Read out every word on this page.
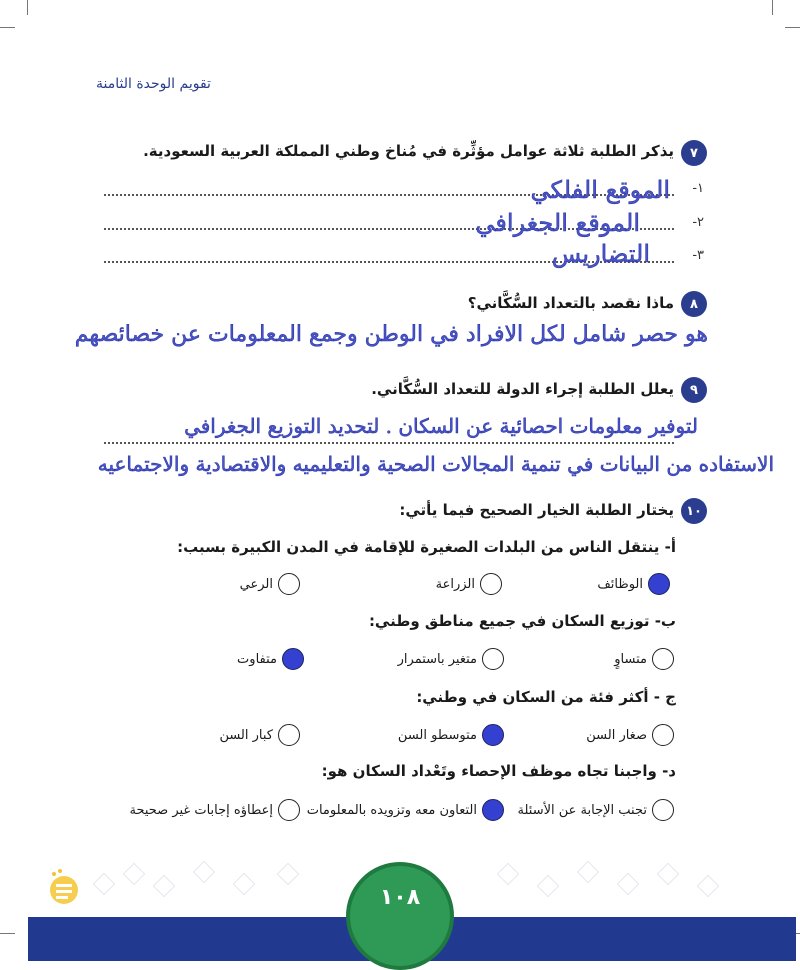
تقويم الوحدة الثامنة
٧
يذكر الطلبة ثلاثة عوامل مؤثِّرة في مُناخ وطني المملكة العربية السعودية.
١-
الموقع الفلكي
٢-
الموقع الجغرافي
٣-
التضاريس
٨
ماذا نقصد بالتعداد السُّكَّاني؟
هو حصر شامل لكل الافراد في الوطن وجمع المعلومات عن خصائصهم
٩
يعلل الطلبة إجراء الدولة للتعداد السُّكَّاني.
لتوفير معلومات احصائية عن السكان . لتحديد التوزيع الجغرافي
الاستفاده من البيانات في تنمية المجالات الصحية والتعليميه والاقتصادية والاجتماعيه
١٠
يختار الطلبة الخيار الصحيح فيما يأتي:
أ- ينتقل الناس من البلدات الصغيرة للإقامة في المدن الكبيرة بسبب:
الوظائف
الزراعة
الرعي
ب- توزيع السكان في جميع مناطق وطني:
متساوٍ
متغير باستمرار
متفاوت
ج - أكثر فئة من السكان في وطني:
صغار السن
متوسطو السن
كبار السن
د- واجبنا تجاه موظف الإحصاء وتَعْداد السكان هو:
تجنب الإجابة عن الأسئلة
التعاون معه وتزويده بالمعلومات
إعطاؤه إجابات غير صحيحة
١٠٨
